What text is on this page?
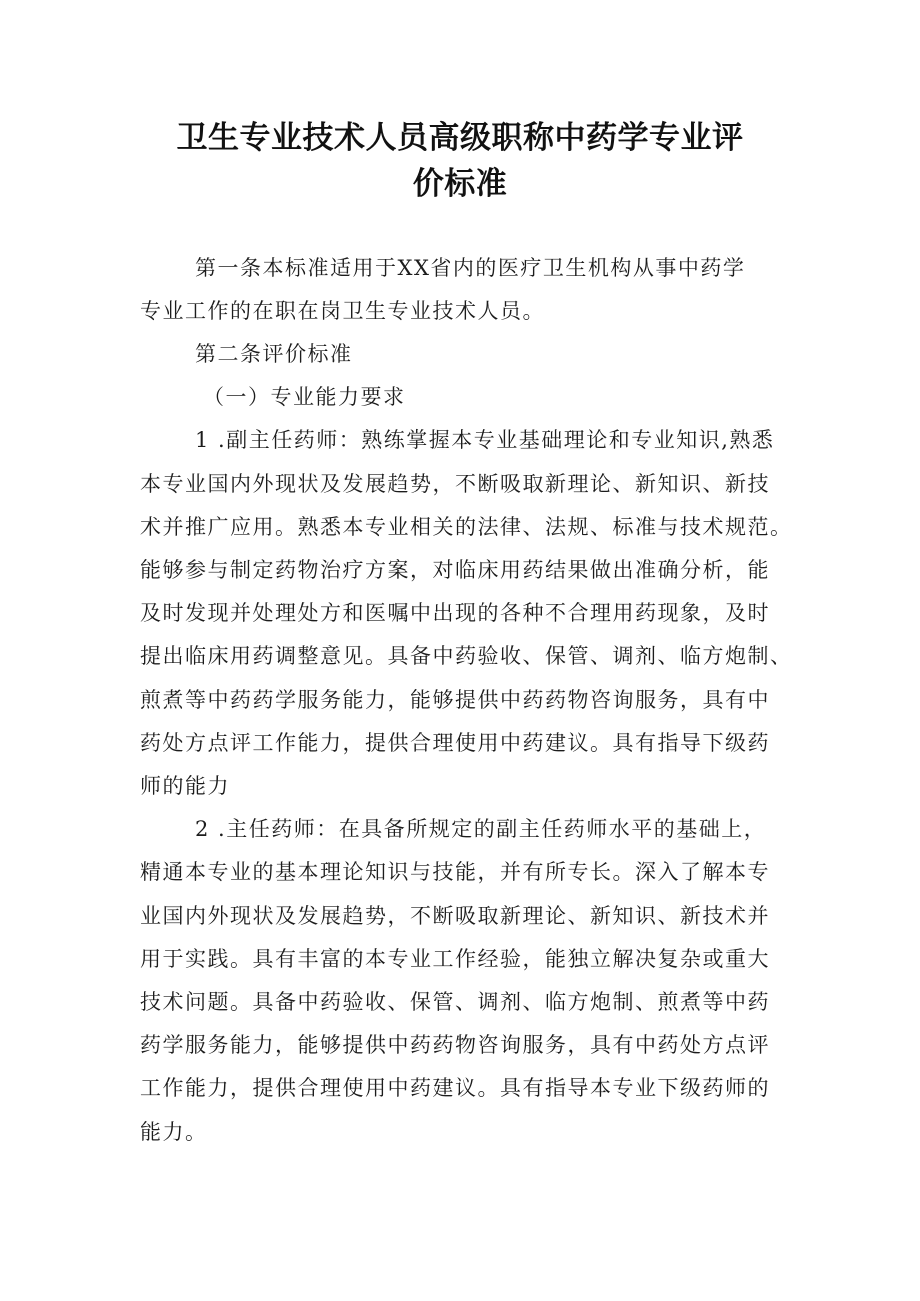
卫生专业技术人员高级职称中药学专业评
价标准
第一条本标准适用于XX省内的医疗卫生机构从事中药学
专业工作的在职在岗卫生专业技术人员。
第二条评价标准
（一）专业能力要求
1 .副主任药师：熟练掌握本专业基础理论和专业知识,熟悉
本专业国内外现状及发展趋势，不断吸取新理论、新知识、新技
术并推广应用。熟悉本专业相关的法律、法规、标准与技术规范。
能够参与制定药物治疗方案，对临床用药结果做出准确分析，能
及时发现并处理处方和医嘱中出现的各种不合理用药现象，及时
提出临床用药调整意见。具备中药验收、保管、调剂、临方炮制、
煎煮等中药药学服务能力，能够提供中药药物咨询服务，具有中
药处方点评工作能力，提供合理使用中药建议。具有指导下级药
师的能力
2 .主任药师：在具备所规定的副主任药师水平的基础上，
精通本专业的基本理论知识与技能，并有所专长。深入了解本专
业国内外现状及发展趋势，不断吸取新理论、新知识、新技术并
用于实践。具有丰富的本专业工作经验，能独立解决复杂或重大
技术问题。具备中药验收、保管、调剂、临方炮制、煎煮等中药
药学服务能力，能够提供中药药物咨询服务，具有中药处方点评
工作能力，提供合理使用中药建议。具有指导本专业下级药师的
能力。
